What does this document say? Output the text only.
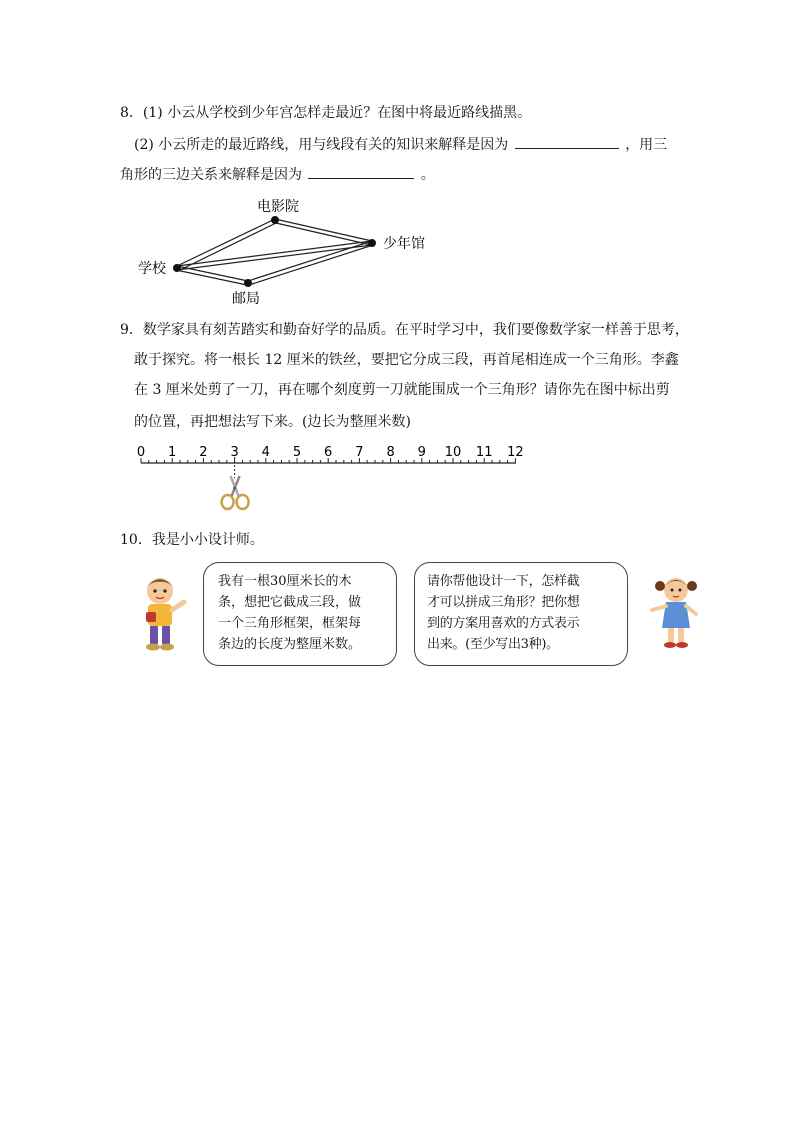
8．(1) 小云从学校到少年宫怎样走最近？在图中将最近路线描黑。
(2) 小云所走的最近路线，用与线段有关的知识来解释是因为	，用三
角形的三边关系来解释是因为	。
电影院
少年馆
学校
邮局
9．数学家具有刻苦踏实和勤奋好学的品质。在平时学习中，我们要像数学家一样善于思考，
敢于探究。将一根长 12 厘米的铁丝，要把它分成三段，再首尾相连成一个三角形。李鑫
在 3 厘米处剪了一刀，再在哪个刻度剪一刀就能围成一个三角形？请你先在图中标出剪
的位置，再把想法写下来。(边长为整厘米数)
0 1 2 3 4 5 6 7 8 9 10 11 12
10．我是小小设计师。
我有一根30厘米长的木
条，想把它截成三段，做
一个三角形框架，框架每
条边的长度为整厘米数。
请你帮他设计一下，怎样截
才可以拼成三角形？把你想
到的方案用喜欢的方式表示
出来。(至少写出3种)。
